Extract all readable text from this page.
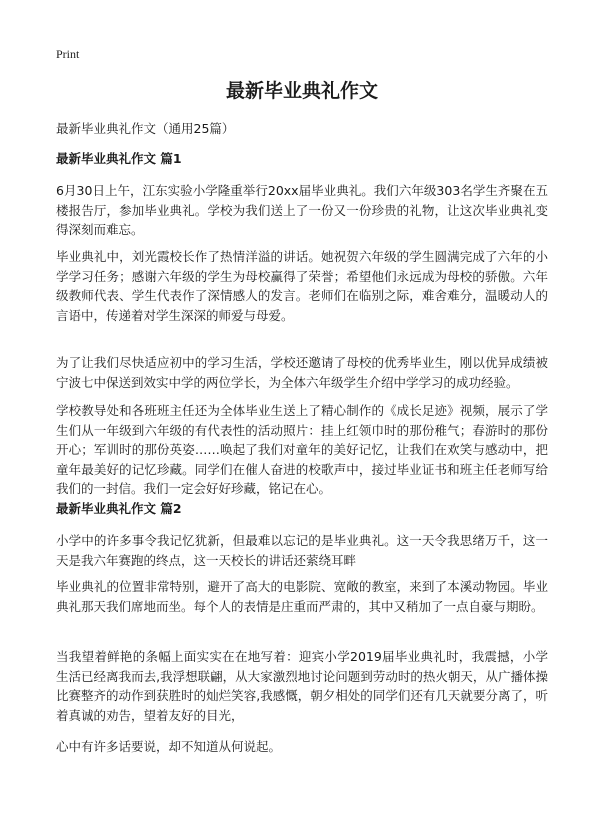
Print
最新毕业典礼作文

最新毕业典礼作文（通用25篇）

最新毕业典礼作文 篇1

6月30日上午，江东实验小学隆重举行20xx届毕业典礼。我们六年级303名学生齐聚在五楼报告厅，参加毕业典礼。学校为我们送上了一份又一份珍贵的礼物，让这次毕业典礼变得深刻而难忘。

毕业典礼中，刘光霞校长作了热情洋溢的讲话。她祝贺六年级的学生圆满完成了六年的小学学习任务；感谢六年级的学生为母校赢得了荣誉；希望他们永远成为母校的骄傲。六年级教师代表、学生代表作了深情感人的发言。老师们在临别之际，难舍难分，温暖动人的言语中，传递着对学生深深的师爱与母爱。

为了让我们尽快适应初中的学习生活，学校还邀请了母校的优秀毕业生，刚以优异成绩被宁波七中保送到效实中学的两位学长，为全体六年级学生介绍中学学习的成功经验。

学校教导处和各班班主任还为全体毕业生送上了精心制作的《成长足迹》视频，展示了学生们从一年级到六年级的有代表性的活动照片：挂上红领巾时的那份稚气；春游时的那份开心；军训时的那份英姿……唤起了我们对童年的美好记忆，让我们在欢笑与感动中，把童年最美好的记忆珍藏。同学们在催人奋进的校歌声中，接过毕业证书和班主任老师写给我们的一封信。我们一定会好好珍藏，铭记在心。

最新毕业典礼作文 篇2

小学中的许多事令我记忆犹新，但最难以忘记的是毕业典礼。这一天令我思绪万千，这一天是我六年赛跑的终点，这一天校长的讲话还萦绕耳畔

毕业典礼的位置非常特别，避开了高大的电影院、宽敞的教室，来到了本溪动物园。毕业典礼那天我们席地而坐。每个人的表情是庄重而严肃的，其中又稍加了一点自豪与期盼。

当我望着鲜艳的条幅上面实实在在地写着：迎宾小学2019届毕业典礼时，我震撼，小学生活已经离我而去,我浮想联翩，从大家激烈地讨论问题到劳动时的热火朝天，从广播体操比赛整齐的动作到获胜时的灿烂笑容,我感慨，朝夕相处的同学们还有几天就要分离了，听着真诚的劝告，望着友好的目光，

心中有许多话要说，却不知道从何说起。
